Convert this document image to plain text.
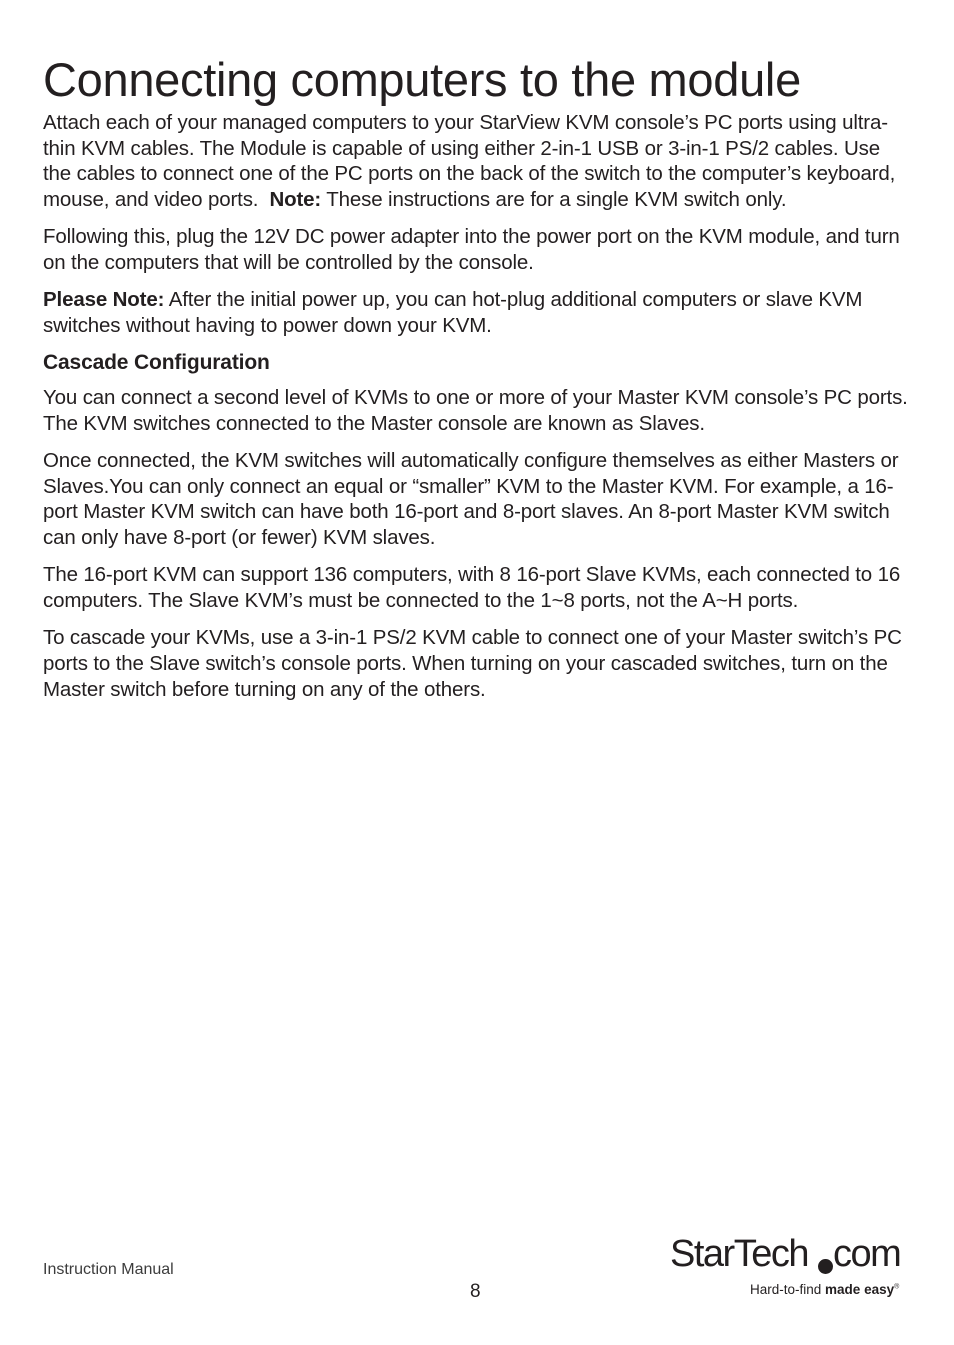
Connecting computers to the module

Attach each of your managed computers to your StarView KVM console’s PC ports using ultra-thin KVM cables. The Module is capable of using either 2-in-1 USB or 3-in-1 PS/2 cables. Use the cables to connect one of the PC ports on the back of the switch to the computer’s keyboard, mouse, and video ports. Note: These instructions are for a single KVM switch only.

Following this, plug the 12V DC power adapter into the power port on the KVM module, and turn on the computers that will be controlled by the console.

Please Note: After the initial power up, you can hot-plug additional computers or slave KVM switches without having to power down your KVM.

Cascade Configuration

You can connect a second level of KVMs to one or more of your Master KVM console’s PC ports. The KVM switches connected to the Master console are known as Slaves.

Once connected, the KVM switches will automatically configure themselves as either Masters or Slaves.You can only connect an equal or “smaller” KVM to the Master KVM. For example, a 16-port Master KVM switch can have both 16-port and 8-port slaves. An 8-port Master KVM switch can only have 8-port (or fewer) KVM slaves.

The 16-port KVM can support 136 computers, with 8 16-port Slave KVMs, each connected to 16 computers. The Slave KVM’s must be connected to the 1~8 ports, not the A~H ports.

To cascade your KVMs, use a 3-in-1 PS/2 KVM cable to connect one of your Master switch’s PC ports to the Slave switch’s console ports. When turning on your cascaded switches, turn on the Master switch before turning on any of the others.

Instruction Manual
8
StarTech com
Hard-to-find made easy®
